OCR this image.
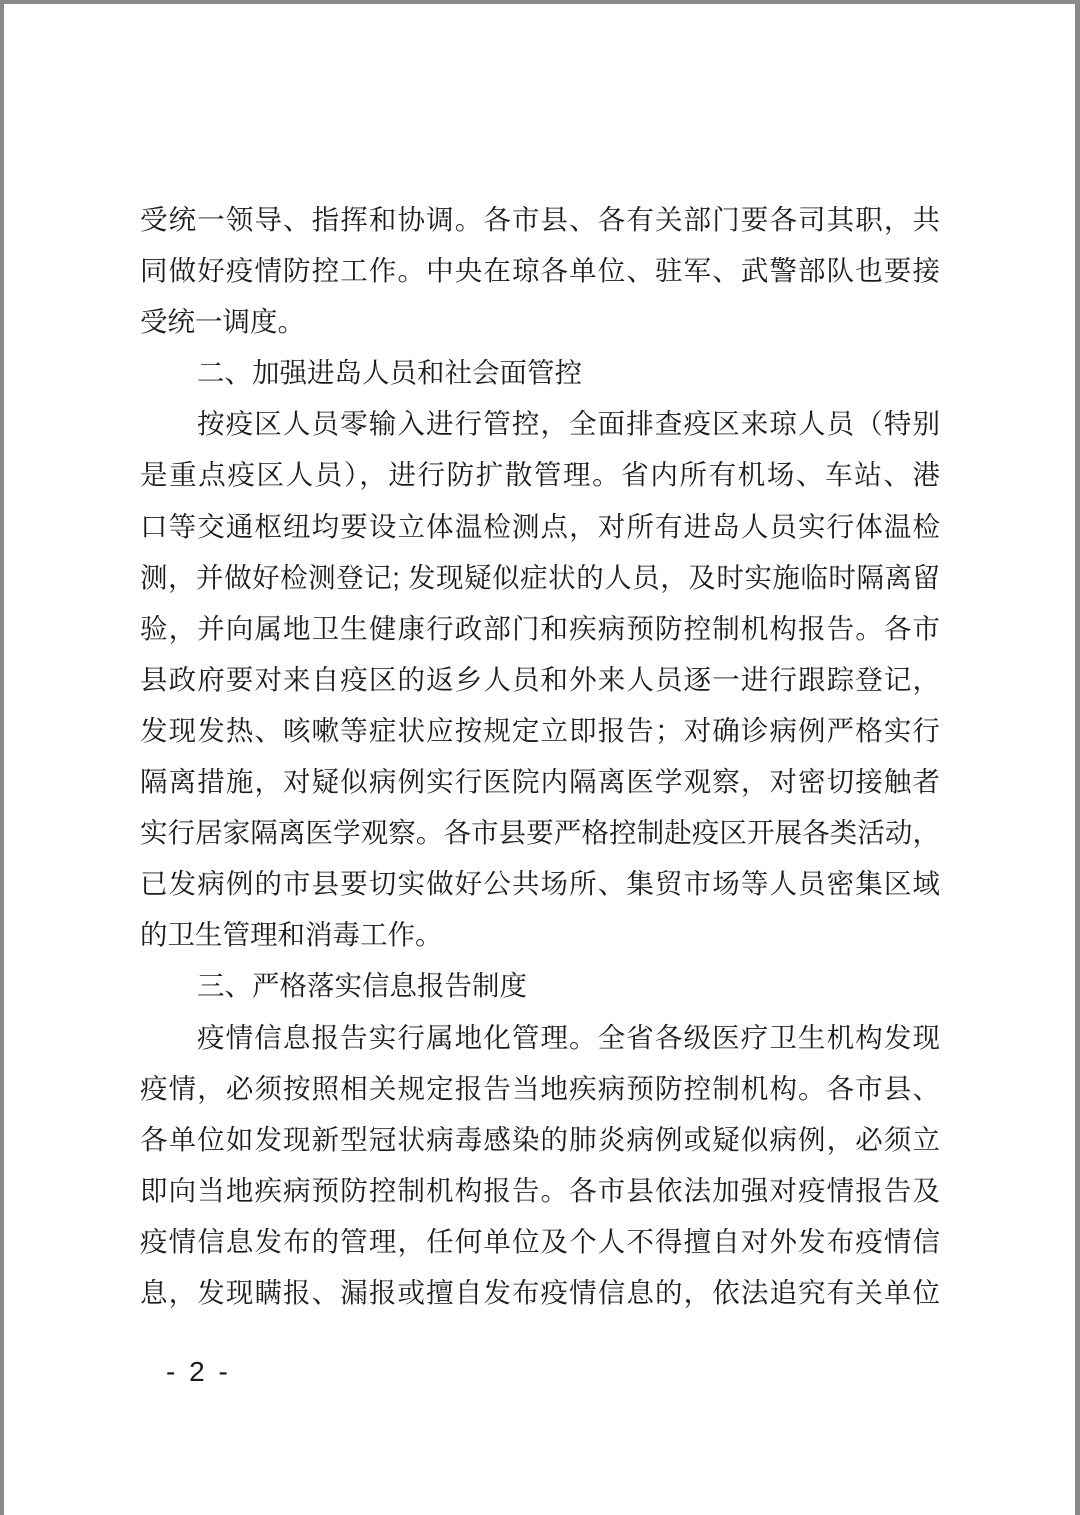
受统一领导、指挥和协调。各市县、各有关部门要各司其职，共
同做好疫情防控工作。中央在琼各单位、驻军、武警部队也要接
受统一调度。
二、加强进岛人员和社会面管控
按疫区人员零输入进行管控，全面排查疫区来琼人员（特别
是重点疫区人员），进行防扩散管理。省内所有机场、车站、港
口等交通枢纽均要设立体温检测点，对所有进岛人员实行体温检
测，并做好检测登记; 发现疑似症状的人员，及时实施临时隔离留
验，并向属地卫生健康行政部门和疾病预防控制机构报告。各市
县政府要对来自疫区的返乡人员和外来人员逐一进行跟踪登记，
发现发热、咳嗽等症状应按规定立即报告；对确诊病例严格实行
隔离措施，对疑似病例实行医院内隔离医学观察，对密切接触者
实行居家隔离医学观察。各市县要严格控制赴疫区开展各类活动，
已发病例的市县要切实做好公共场所、集贸市场等人员密集区域
的卫生管理和消毒工作。
三、严格落实信息报告制度
疫情信息报告实行属地化管理。全省各级医疗卫生机构发现
疫情，必须按照相关规定报告当地疾病预防控制机构。各市县、
各单位如发现新型冠状病毒感染的肺炎病例或疑似病例，必须立
即向当地疾病预防控制机构报告。各市县依法加强对疫情报告及
疫情信息发布的管理，任何单位及个人不得擅自对外发布疫情信
息，发现瞒报、漏报或擅自发布疫情信息的，依法追究有关单位
- 2 -
